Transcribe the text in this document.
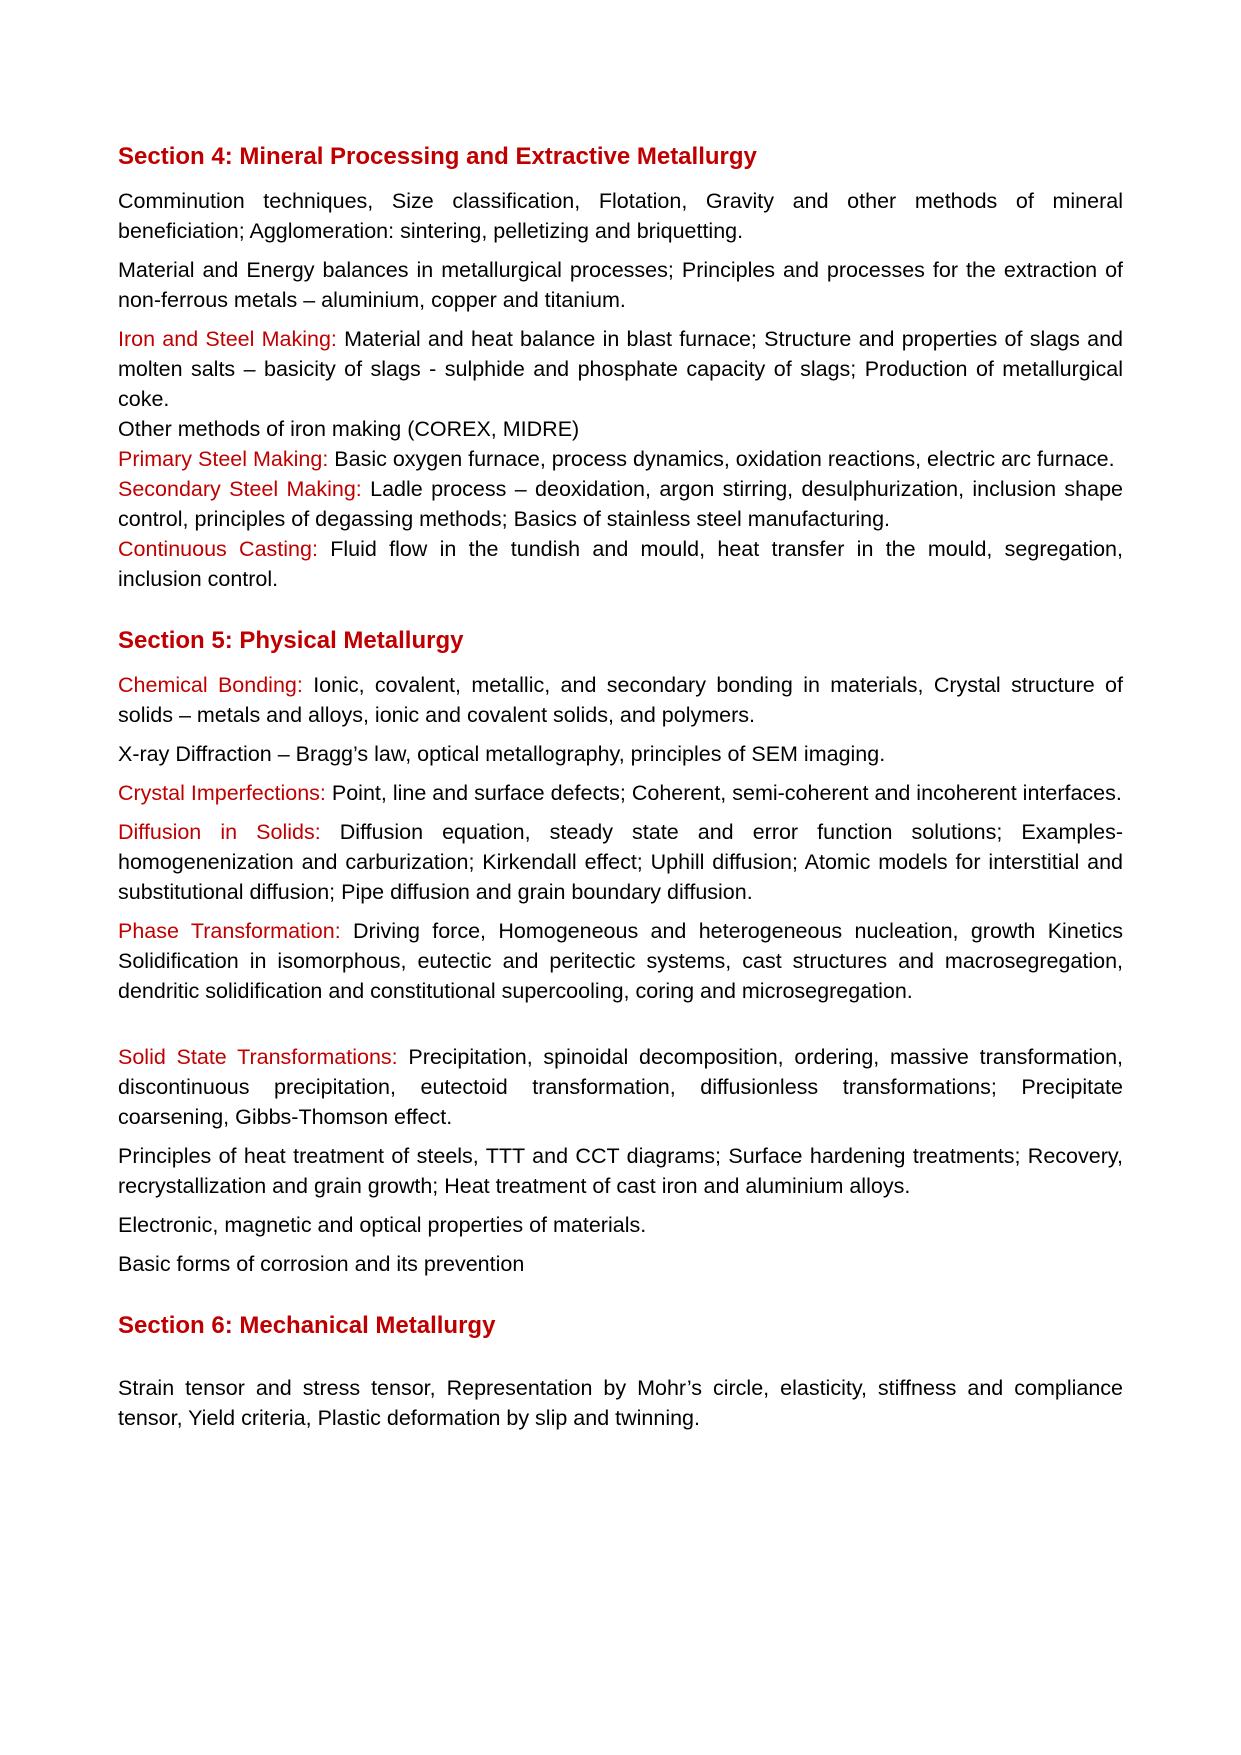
Section 4: Mineral Processing and Extractive Metallurgy

Comminution techniques, Size classification, Flotation, Gravity and other methods of mineral beneficiation; Agglomeration: sintering, pelletizing and briquetting.

Material and Energy balances in metallurgical processes; Principles and processes for the extraction of non-ferrous metals – aluminium, copper and titanium.

Iron and Steel Making: Material and heat balance in blast furnace; Structure and properties of slags and molten salts – basicity of slags - sulphide and phosphate capacity of slags; Production of metallurgical coke.

Other methods of iron making (COREX, MIDRE)

Primary Steel Making: Basic oxygen furnace, process dynamics, oxidation reactions, electric arc furnace.

Secondary Steel Making: Ladle process – deoxidation, argon stirring, desulphurization, inclusion shape control, principles of degassing methods; Basics of stainless steel manufacturing.

Continuous Casting: Fluid flow in the tundish and mould, heat transfer in the mould, segregation, inclusion control.

Section 5: Physical Metallurgy

Chemical Bonding: Ionic, covalent, metallic, and secondary bonding in materials, Crystal structure of solids – metals and alloys, ionic and covalent solids, and polymers.

X-ray Diffraction – Bragg’s law, optical metallography, principles of SEM imaging.

Crystal Imperfections: Point, line and surface defects; Coherent, semi-coherent and incoherent interfaces.

Diffusion in Solids: Diffusion equation, steady state and error function solutions; Examples- homogenenization and carburization; Kirkendall effect; Uphill diffusion; Atomic models for interstitial and substitutional diffusion; Pipe diffusion and grain boundary diffusion.

Phase Transformation: Driving force, Homogeneous and heterogeneous nucleation, growth Kinetics Solidification in isomorphous, eutectic and peritectic systems, cast structures and macrosegregation, dendritic solidification and constitutional supercooling, coring and microsegregation.

Solid State Transformations: Precipitation, spinoidal decomposition, ordering, massive transformation, discontinuous precipitation, eutectoid transformation, diffusionless transformations; Precipitate coarsening, Gibbs-Thomson effect.

Principles of heat treatment of steels, TTT and CCT diagrams; Surface hardening treatments; Recovery, recrystallization and grain growth; Heat treatment of cast iron and aluminium alloys.

Electronic, magnetic and optical properties of materials.

Basic forms of corrosion and its prevention

Section 6: Mechanical Metallurgy

Strain tensor and stress tensor, Representation by Mohr’s circle, elasticity, stiffness and compliance tensor, Yield criteria, Plastic deformation by slip and twinning.
